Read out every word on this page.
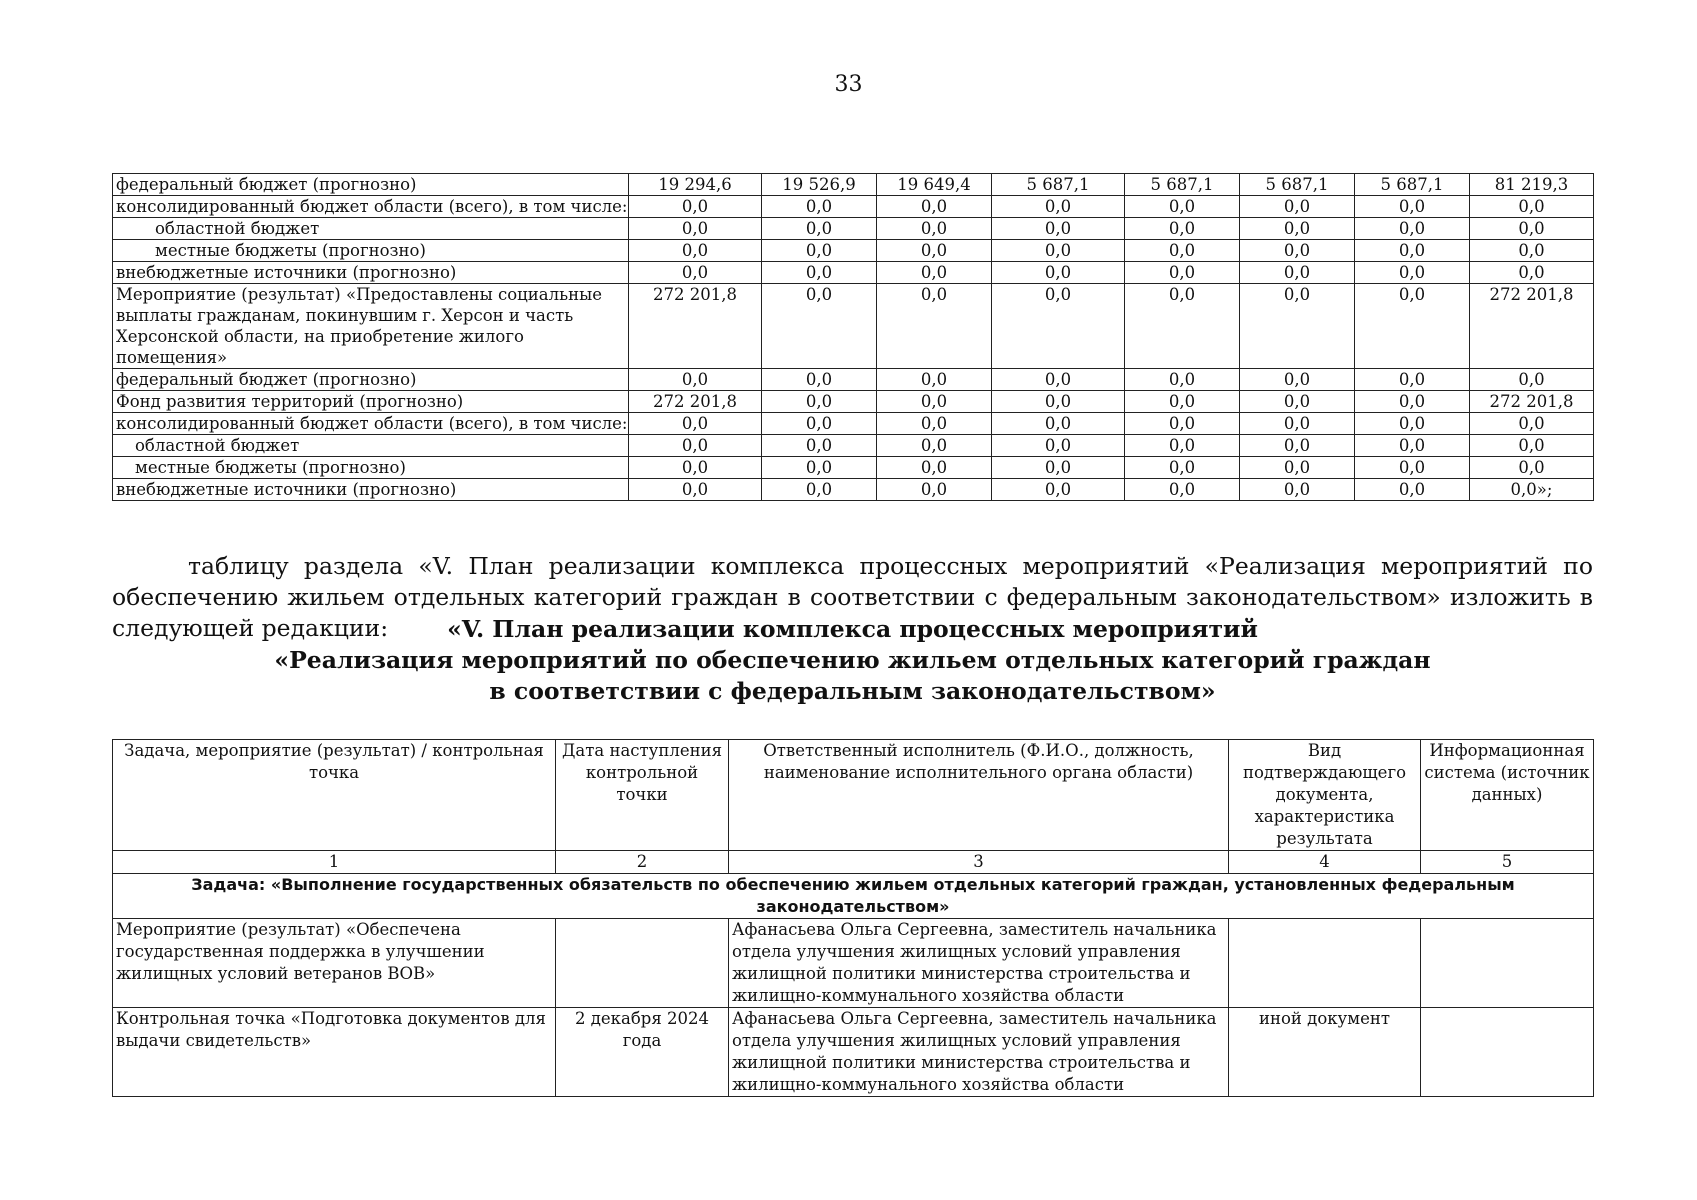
33
федеральный бюджет (прогнозно)	19 294,6	19 526,9	19 649,4	5 687,1	5 687,1	5 687,1	5 687,1	81 219,3
консолидированный бюджет области (всего), в том числе:	0,0	0,0	0,0	0,0	0,0	0,0	0,0	0,0
областной бюджет	0,0	0,0	0,0	0,0	0,0	0,0	0,0	0,0
местные бюджеты (прогнозно)	0,0	0,0	0,0	0,0	0,0	0,0	0,0	0,0
внебюджетные источники (прогнозно)	0,0	0,0	0,0	0,0	0,0	0,0	0,0	0,0
Мероприятие (результат) «Предоставлены социальные выплаты гражданам, покинувшим г. Херсон и часть Херсонской области, на приобретение жилого помещения»	272 201,8	0,0	0,0	0,0	0,0	0,0	0,0	272 201,8
федеральный бюджет (прогнозно)	0,0	0,0	0,0	0,0	0,0	0,0	0,0	0,0
Фонд развития территорий (прогнозно)	272 201,8	0,0	0,0	0,0	0,0	0,0	0,0	272 201,8
консолидированный бюджет области (всего), в том числе:	0,0	0,0	0,0	0,0	0,0	0,0	0,0	0,0
областной бюджет	0,0	0,0	0,0	0,0	0,0	0,0	0,0	0,0
местные бюджеты (прогнозно)	0,0	0,0	0,0	0,0	0,0	0,0	0,0	0,0
внебюджетные источники (прогнозно)	0,0	0,0	0,0	0,0	0,0	0,0	0,0	0,0»;

таблицу раздела «V. План реализации комплекса процессных мероприятий «Реализация мероприятий по обеспечению жильем отдельных категорий граждан в соответствии с федеральным законодательством» изложить в следующей редакции:	«V. План реализации комплекса процессных мероприятий
«Реализация мероприятий по обеспечению жильем отдельных категорий граждан
в соответствии с федеральным законодательством»
Задача, мероприятие (результат) / контрольная точка	Дата наступления контрольной точки	Ответственный исполнитель (Ф.И.О., должность, наименование исполнительного органа области)	Вид подтверждающего документа, характеристика результата	Информационная система (источник данных)
1	2	3	4	5
Задача: «Выполнение государственных обязательств по обеспечению жильем отдельных категорий граждан, установленных федеральным законодательством»				
Мероприятие (результат) «Обеспечена государственная поддержка в улучшении жилищных условий ветеранов ВОВ»		Афанасьева Ольга Сергеевна, заместитель начальника отдела улучшения жилищных условий управления жилищной политики министерства строительства и жилищно-коммунального хозяйства области		
Контрольная точка «Подготовка документов для выдачи свидетельств»	2 декабря 2024 года	Афанасьева Ольга Сергеевна, заместитель начальника отдела улучшения жилищных условий управления жилищной политики министерства строительства и жилищно-коммунального хозяйства области	иной документ	
